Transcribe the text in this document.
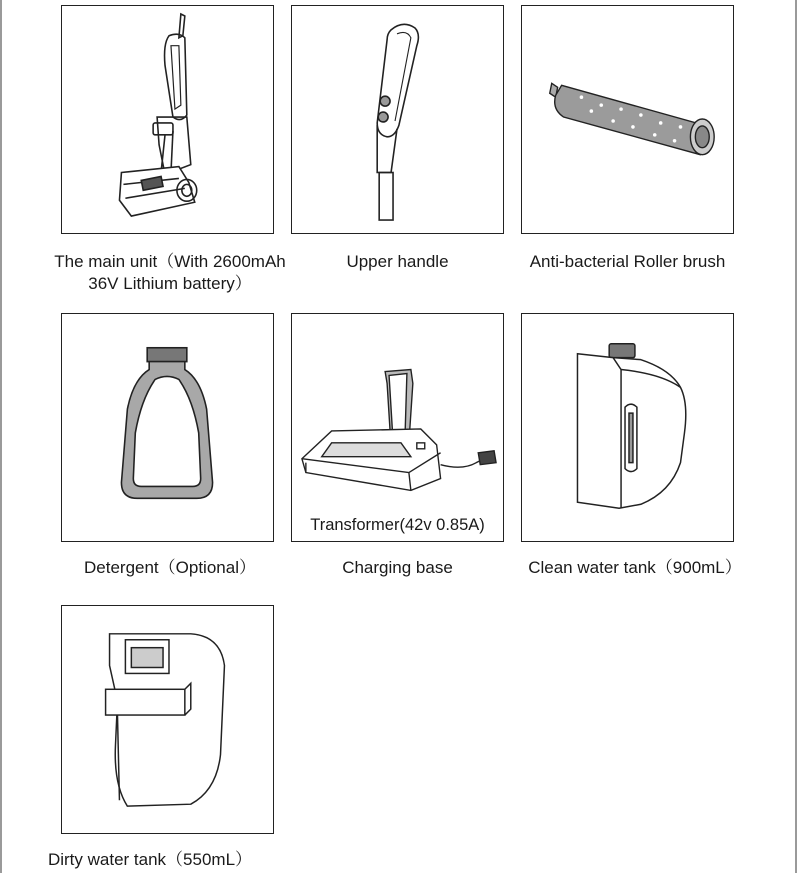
The main unit（With 2600mAh
36V Lithium battery）
Upper handle	Anti-bacterial Roller brush
Detergent（Optional）
Transformer(42v 0.85A)
Charging base	Clean water tank（900mL）
Dirty water tank（550mL）
